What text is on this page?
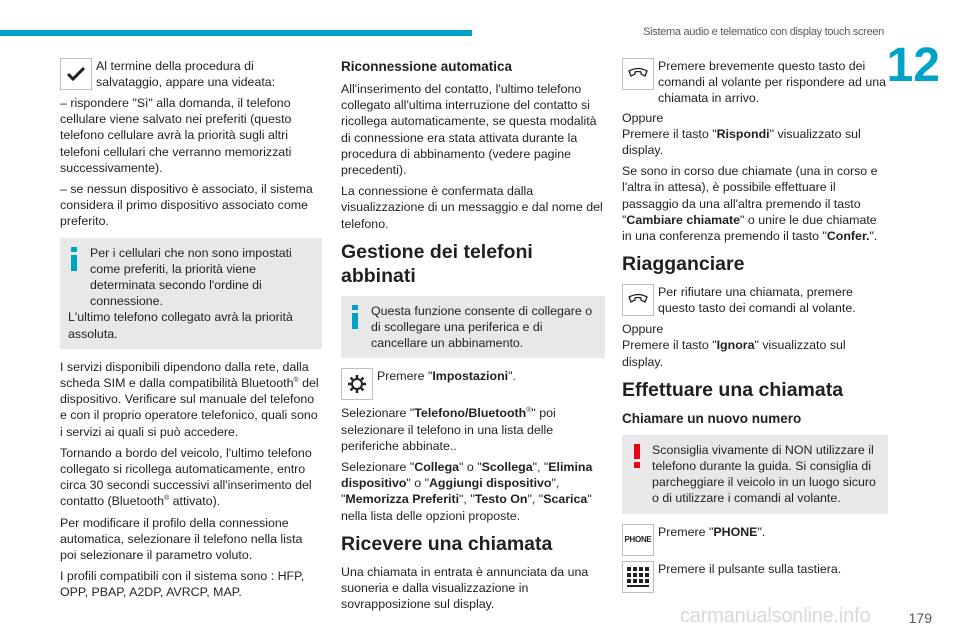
Sistema audio e telematico con display touch screen
12
Al termine della procedura di salvataggio, appare una videata:

– rispondere "Sì" alla domanda, il telefono cellulare viene salvato nei preferiti (questo telefono cellulare avrà la priorità sugli altri telefoni cellulari che verranno memorizzati successivamente).

– se nessun dispositivo è associato, il sistema considera il primo dispositivo associato come preferito.

Per i cellulari che non sono impostati come preferiti, la priorità viene determinata secondo l'ordine di connessione.
L'ultimo telefono collegato avrà la priorità assoluta.

I servizi disponibili dipendono dalla rete, dalla scheda SIM e dalla compatibilità Bluetooth® del dispositivo. Verificare sul manuale del telefono e con il proprio operatore telefonico, quali sono i servizi ai quali si può accedere.

Tornando a bordo del veicolo, l'ultimo telefono collegato si ricollega automaticamente, entro circa 30 secondi successivi all'inserimento del contatto (Bluetooth® attivato).

Per modificare il profilo della connessione automatica, selezionare il telefono nella lista poi selezionare il parametro voluto.

I profili compatibili con il sistema sono : HFP, OPP, PBAP, A2DP, AVRCP, MAP.

Riconnessione automatica

All'inserimento del contatto, l'ultimo telefono collegato all'ultima interruzione del contatto si ricollega automaticamente, se questa modalità di connessione era stata attivata durante la procedura di abbinamento (vedere pagine precedenti).

La connessione è confermata dalla visualizzazione di un messaggio e dal nome del telefono.

Gestione dei telefoni abbinati
Questa funzione consente di collegare o di scollegare una periferica e di cancellare un abbinamento.
Premere "Impostazioni".

Selezionare "Telefono/Bluetooth®" poi selezionare il telefono in una lista delle periferiche abbinate..

Selezionare "Collega" o "Scollega", "Elimina dispositivo" o "Aggiungi dispositivo", "Memorizza Preferiti", "Testo On", "Scarica" nella lista delle opzioni proposte.

Ricevere una chiamata

Una chiamata in entrata è annunciata da una suoneria e dalla visualizzazione in sovrapposizione sul display.

Premere brevemente questo tasto dei comandi al volante per rispondere ad una chiamata in arrivo.

Oppure

Premere il tasto "Rispondi" visualizzato sul display.

Se sono in corso due chiamate (una in corso e l'altra in attesa), è possibile effettuare il passaggio da una all'altra premendo il tasto "Cambiare chiamate" o unire le due chiamate in una conferenza premendo il tasto "Confer.".

Riagganciare
Per rifiutare una chiamata, premere questo tasto dei comandi al volante.

Oppure

Premere il tasto "Ignora" visualizzato sul display.

Effettuare una chiamata
Chiamare un nuovo numero
Sconsiglia vivamente di NON utilizzare il telefono durante la guida. Si consiglia di parcheggiare il veicolo in un luogo sicuro o di utilizzare i comandi al volante.
PHONE
Premere "PHONE".
Premere il pulsante sulla tastiera.
carmanualsonline.info	179
